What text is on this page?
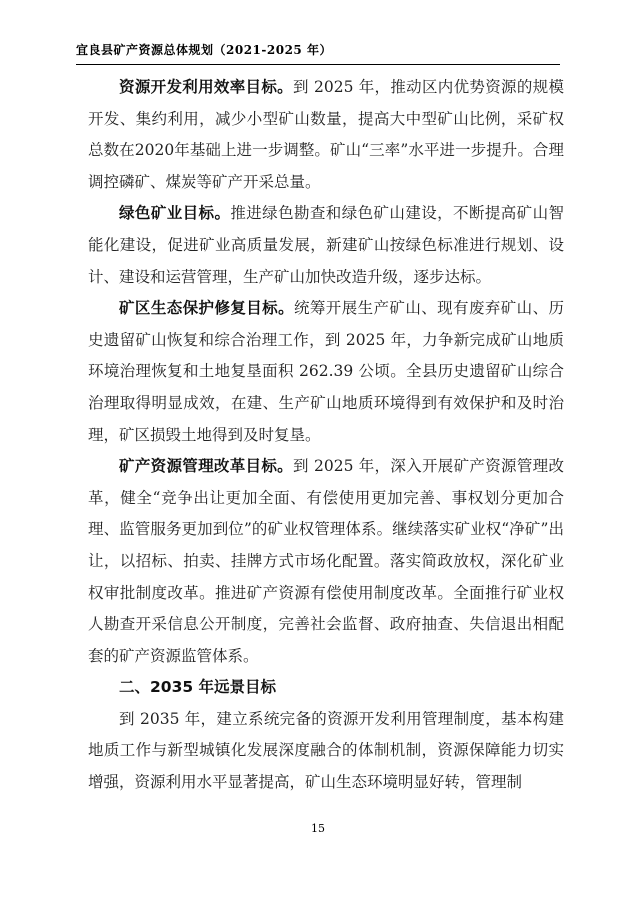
宜良县矿产资源总体规划（2021-2025 年）

资源开发利用效率目标。到 2025 年，推动区内优势资源的规模开发、集约利用，减少小型矿山数量，提高大中型矿山比例，采矿权总数在2020年基础上进一步调整。矿山“三率”水平进一步提升。合理调控磷矿、煤炭等矿产开采总量。

绿色矿业目标。推进绿色勘查和绿色矿山建设，不断提高矿山智能化建设，促进矿业高质量发展，新建矿山按绿色标准进行规划、设计、建设和运营管理，生产矿山加快改造升级，逐步达标。

矿区生态保护修复目标。统筹开展生产矿山、现有废弃矿山、历史遗留矿山恢复和综合治理工作，到 2025 年，力争新完成矿山地质环境治理恢复和土地复垦面积 262.39 公顷。全县历史遗留矿山综合治理取得明显成效，在建、生产矿山地质环境得到有效保护和及时治理，矿区损毁土地得到及时复垦。

矿产资源管理改革目标。到 2025 年，深入开展矿产资源管理改革，健全“竞争出让更加全面、有偿使用更加完善、事权划分更加合理、监管服务更加到位”的矿业权管理体系。继续落实矿业权“净矿”出让，以招标、拍卖、挂牌方式市场化配置。落实简政放权，深化矿业权审批制度改革。推进矿产资源有偿使用制度改革。全面推行矿业权人勘查开采信息公开制度，完善社会监督、政府抽查、失信退出相配套的矿产资源监管体系。

二、2035 年远景目标

到 2035 年，建立系统完备的资源开发利用管理制度，基本构建地质工作与新型城镇化发展深度融合的体制机制，资源保障能力切实增强，资源利用水平显著提高，矿山生态环境明显好转，管理制

15
